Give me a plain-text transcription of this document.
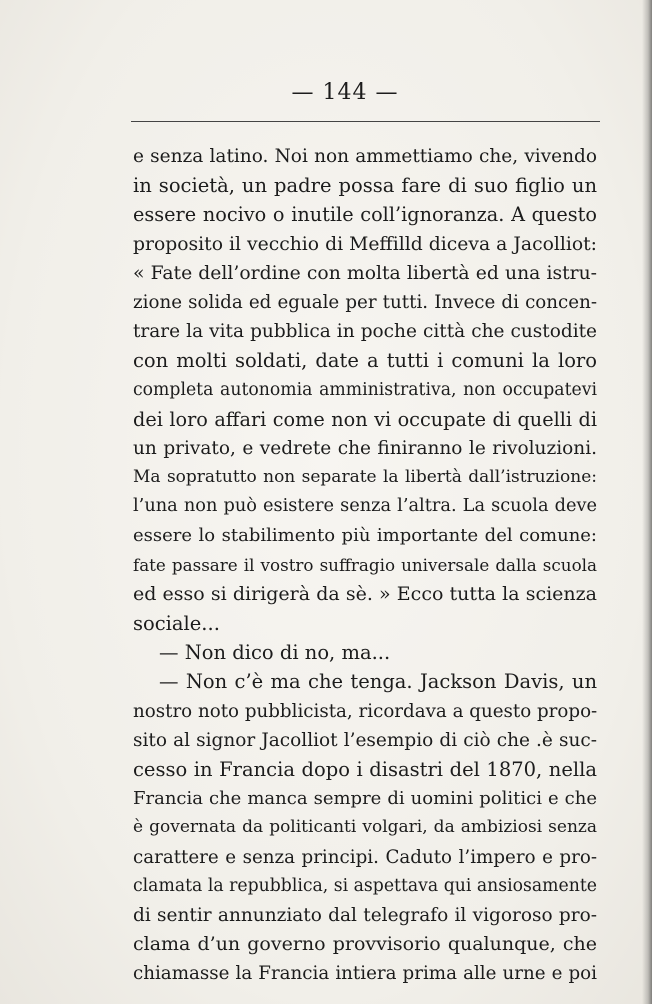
— 144 —
e senza latino. Noi non ammettiamo che, vivendo
in società, un padre possa fare di suo figlio un
essere nocivo o inutile coll’ignoranza. A questo
proposito il vecchio di Meffilld diceva a Jacolliot:
« Fate dell’ordine con molta libertà ed una istru-
zione solida ed eguale per tutti. Invece di concen-
trare la vita pubblica in poche città che custodite
con molti soldati, date a tutti i comuni la loro
completa autonomia amministrativa, non occupatevi
dei loro affari come non vi occupate di quelli di
un privato, e vedrete che finiranno le rivoluzioni.
Ma sopratutto non separate la libertà dall’istruzione:
l’una non può esistere senza l’altra. La scuola deve
essere lo stabilimento più importante del comune:
fate passare il vostro suffragio universale dalla scuola
ed esso si dirigerà da sè. » Ecco tutta la scienza
sociale...
— Non dico di no, ma...
— Non c’è ma che tenga. Jackson Davis, un
nostro noto pubblicista, ricordava a questo propo-
sito al signor Jacolliot l’esempio di ciò che .è suc-
cesso in Francia dopo i disastri del 1870, nella
Francia che manca sempre di uomini politici e che
è governata da politicanti volgari, da ambiziosi senza
carattere e senza principi. Caduto l’impero e pro-
clamata la repubblica, si aspettava qui ansiosamente
di sentir annunziato dal telegrafo il vigoroso pro-
clama d’un governo provvisorio qualunque, che
chiamasse la Francia intiera prima alle urne e poi
